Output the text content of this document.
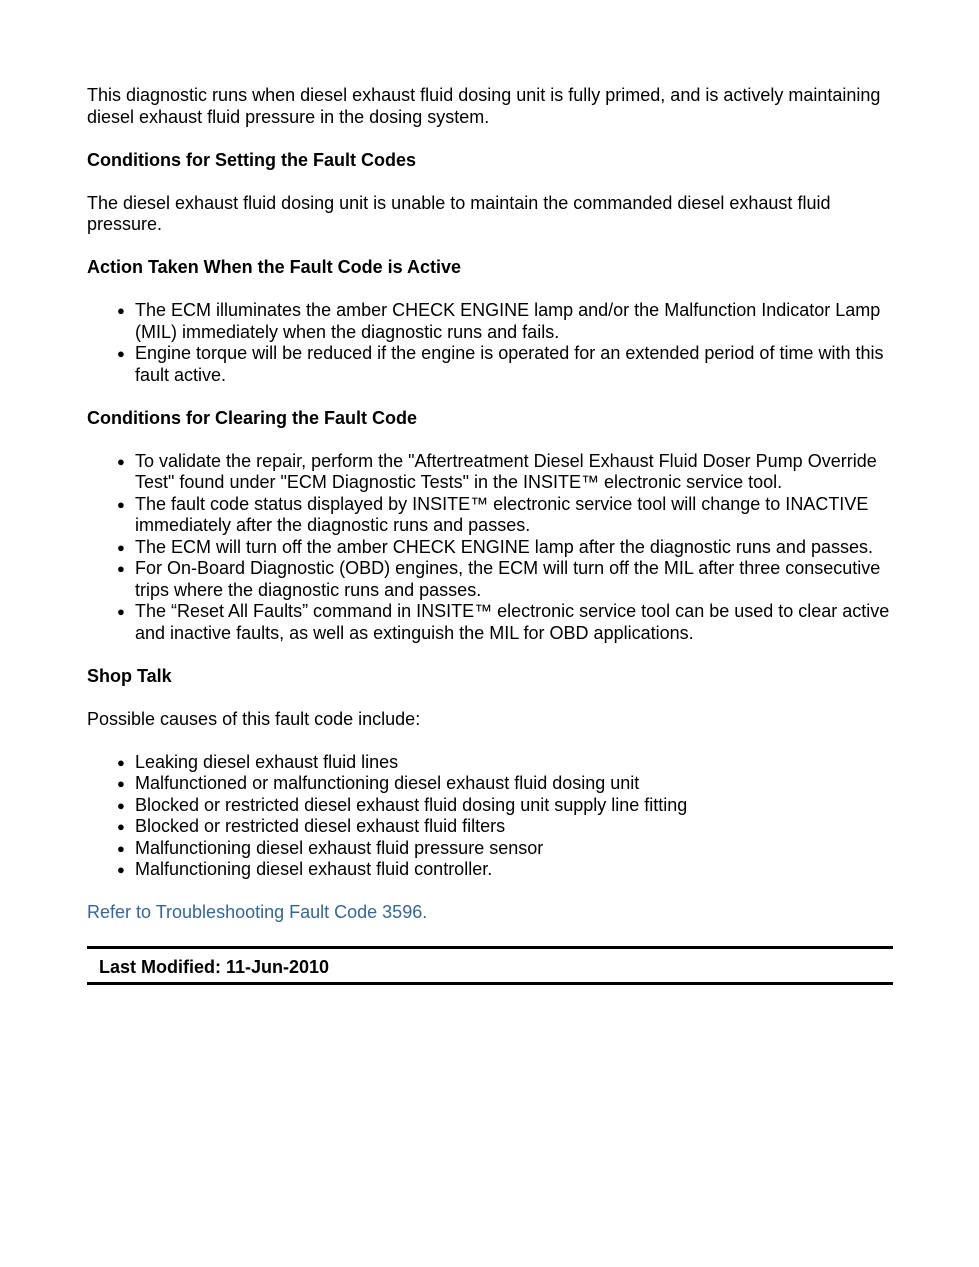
This diagnostic runs when diesel exhaust fluid dosing unit is fully primed, and is actively maintaining diesel exhaust fluid pressure in the dosing system.

Conditions for Setting the Fault Codes

The diesel exhaust fluid dosing unit is unable to maintain the commanded diesel exhaust fluid pressure.

Action Taken When the Fault Code is Active
● The ECM illuminates the amber CHECK ENGINE lamp and/or the Malfunction Indicator Lamp (MIL) immediately when the diagnostic runs and fails.
● Engine torque will be reduced if the engine is operated for an extended period of time with this fault active.
Conditions for Clearing the Fault Code
● To validate the repair, perform the "Aftertreatment Diesel Exhaust Fluid Doser Pump Override Test" found under "ECM Diagnostic Tests" in the INSITE™ electronic service tool.
● The fault code status displayed by INSITE™ electronic service tool will change to INACTIVE immediately after the diagnostic runs and passes.
● The ECM will turn off the amber CHECK ENGINE lamp after the diagnostic runs and passes.
● For On-Board Diagnostic (OBD) engines, the ECM will turn off the MIL after three consecutive trips where the diagnostic runs and passes.
● The “Reset All Faults” command in INSITE™ electronic service tool can be used to clear active and inactive faults, as well as extinguish the MIL for OBD applications.
Shop Talk

Possible causes of this fault code include:

● Leaking diesel exhaust fluid lines
● Malfunctioned or malfunctioning diesel exhaust fluid dosing unit
● Blocked or restricted diesel exhaust fluid dosing unit supply line fitting
● Blocked or restricted diesel exhaust fluid filters
● Malfunctioning diesel exhaust fluid pressure sensor
● Malfunctioning diesel exhaust fluid controller.
Refer to Troubleshooting Fault Code 3596.
Last Modified: 11-Jun-2010
